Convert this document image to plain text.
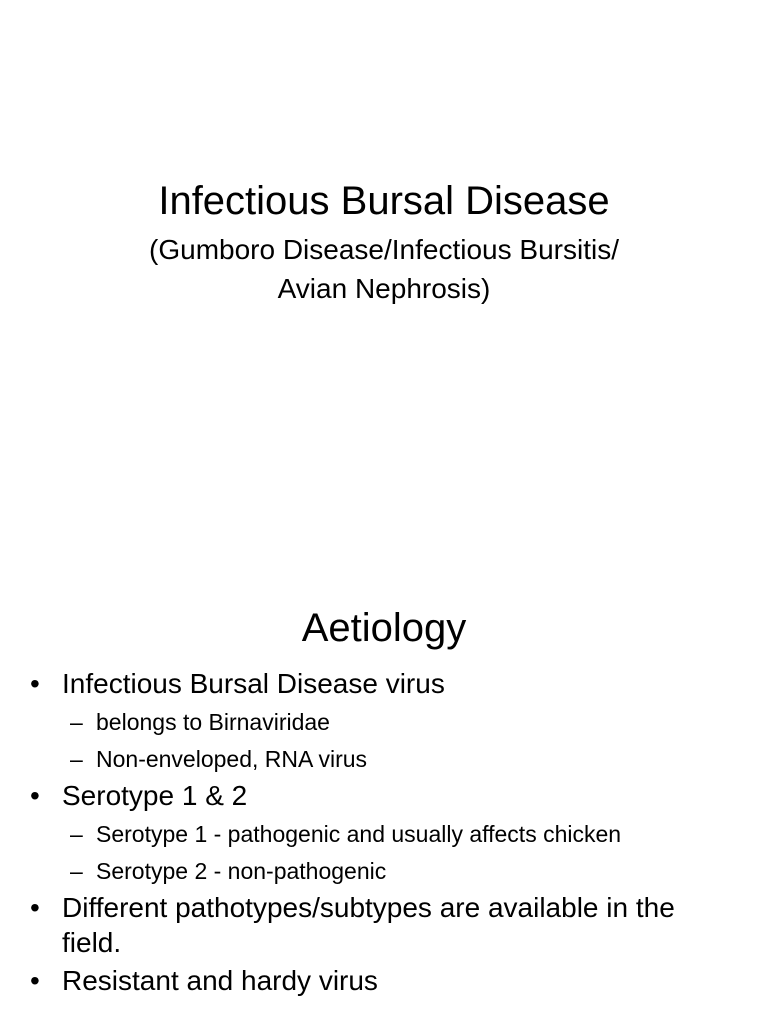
Infectious Bursal Disease
(Gumboro Disease/Infectious Bursitis/
Avian Nephrosis)
Aetiology
• Infectious Bursal Disease virus
– belongs to Birnaviridae
– Non-enveloped, RNA virus
• Serotype 1 & 2
– Serotype 1 - pathogenic and usually affects chicken
– Serotype 2 - non-pathogenic
• Different pathotypes/subtypes are available in the field.
• Resistant and hardy virus
